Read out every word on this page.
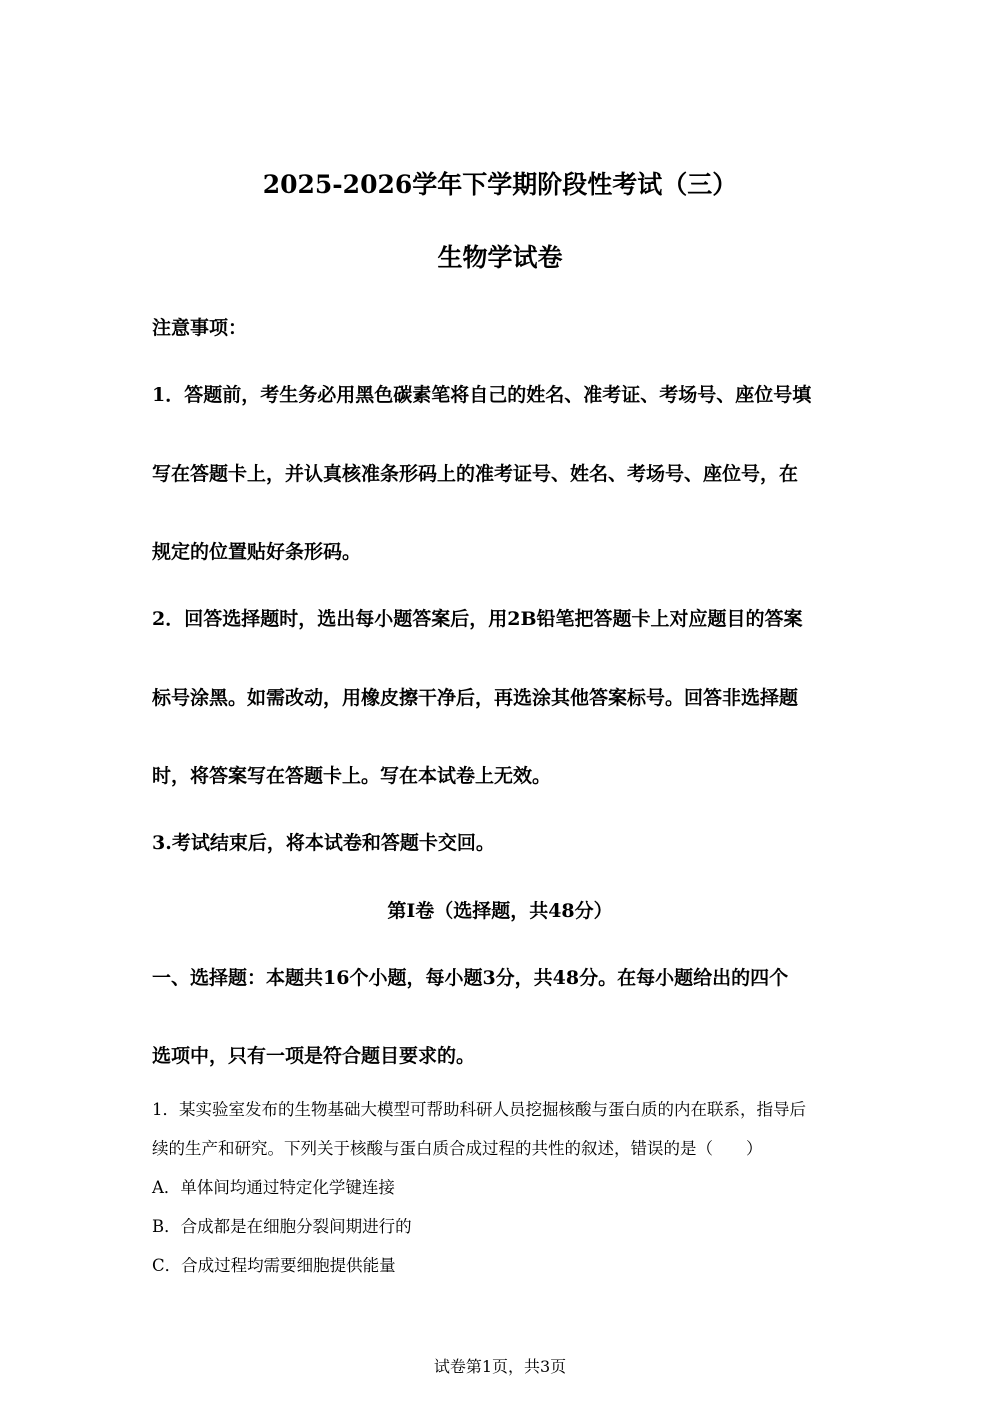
2025-2026学年下学期阶段性考试（三）
生物学试卷
注意事项：
1．答题前，考生务必用黑色碳素笔将自己的姓名、准考证、考场号、座位号填
写在答题卡上，并认真核准条形码上的准考证号、姓名、考场号、座位号，在
规定的位置贴好条形码。
2．回答选择题时，选出每小题答案后，用2B铅笔把答题卡上对应题目的答案
标号涂黑。如需改动，用橡皮擦干净后，再选涂其他答案标号。回答非选择题
时，将答案写在答题卡上。写在本试卷上无效。
3.考试结束后，将本试卷和答题卡交回。
第I卷（选择题，共48分）
一、选择题：本题共16个小题，每小题3分，共48分。在每小题给出的四个
选项中，只有一项是符合题目要求的。
1．某实验室发布的生物基础大模型可帮助科研人员挖掘核酸与蛋白质的内在联系，指导后
续的生产和研究。下列关于核酸与蛋白质合成过程的共性的叙述，错误的是（　　）
A．单体间均通过特定化学键连接
B．合成都是在细胞分裂间期进行的
C．合成过程均需要细胞提供能量
试卷第1页，共3页
